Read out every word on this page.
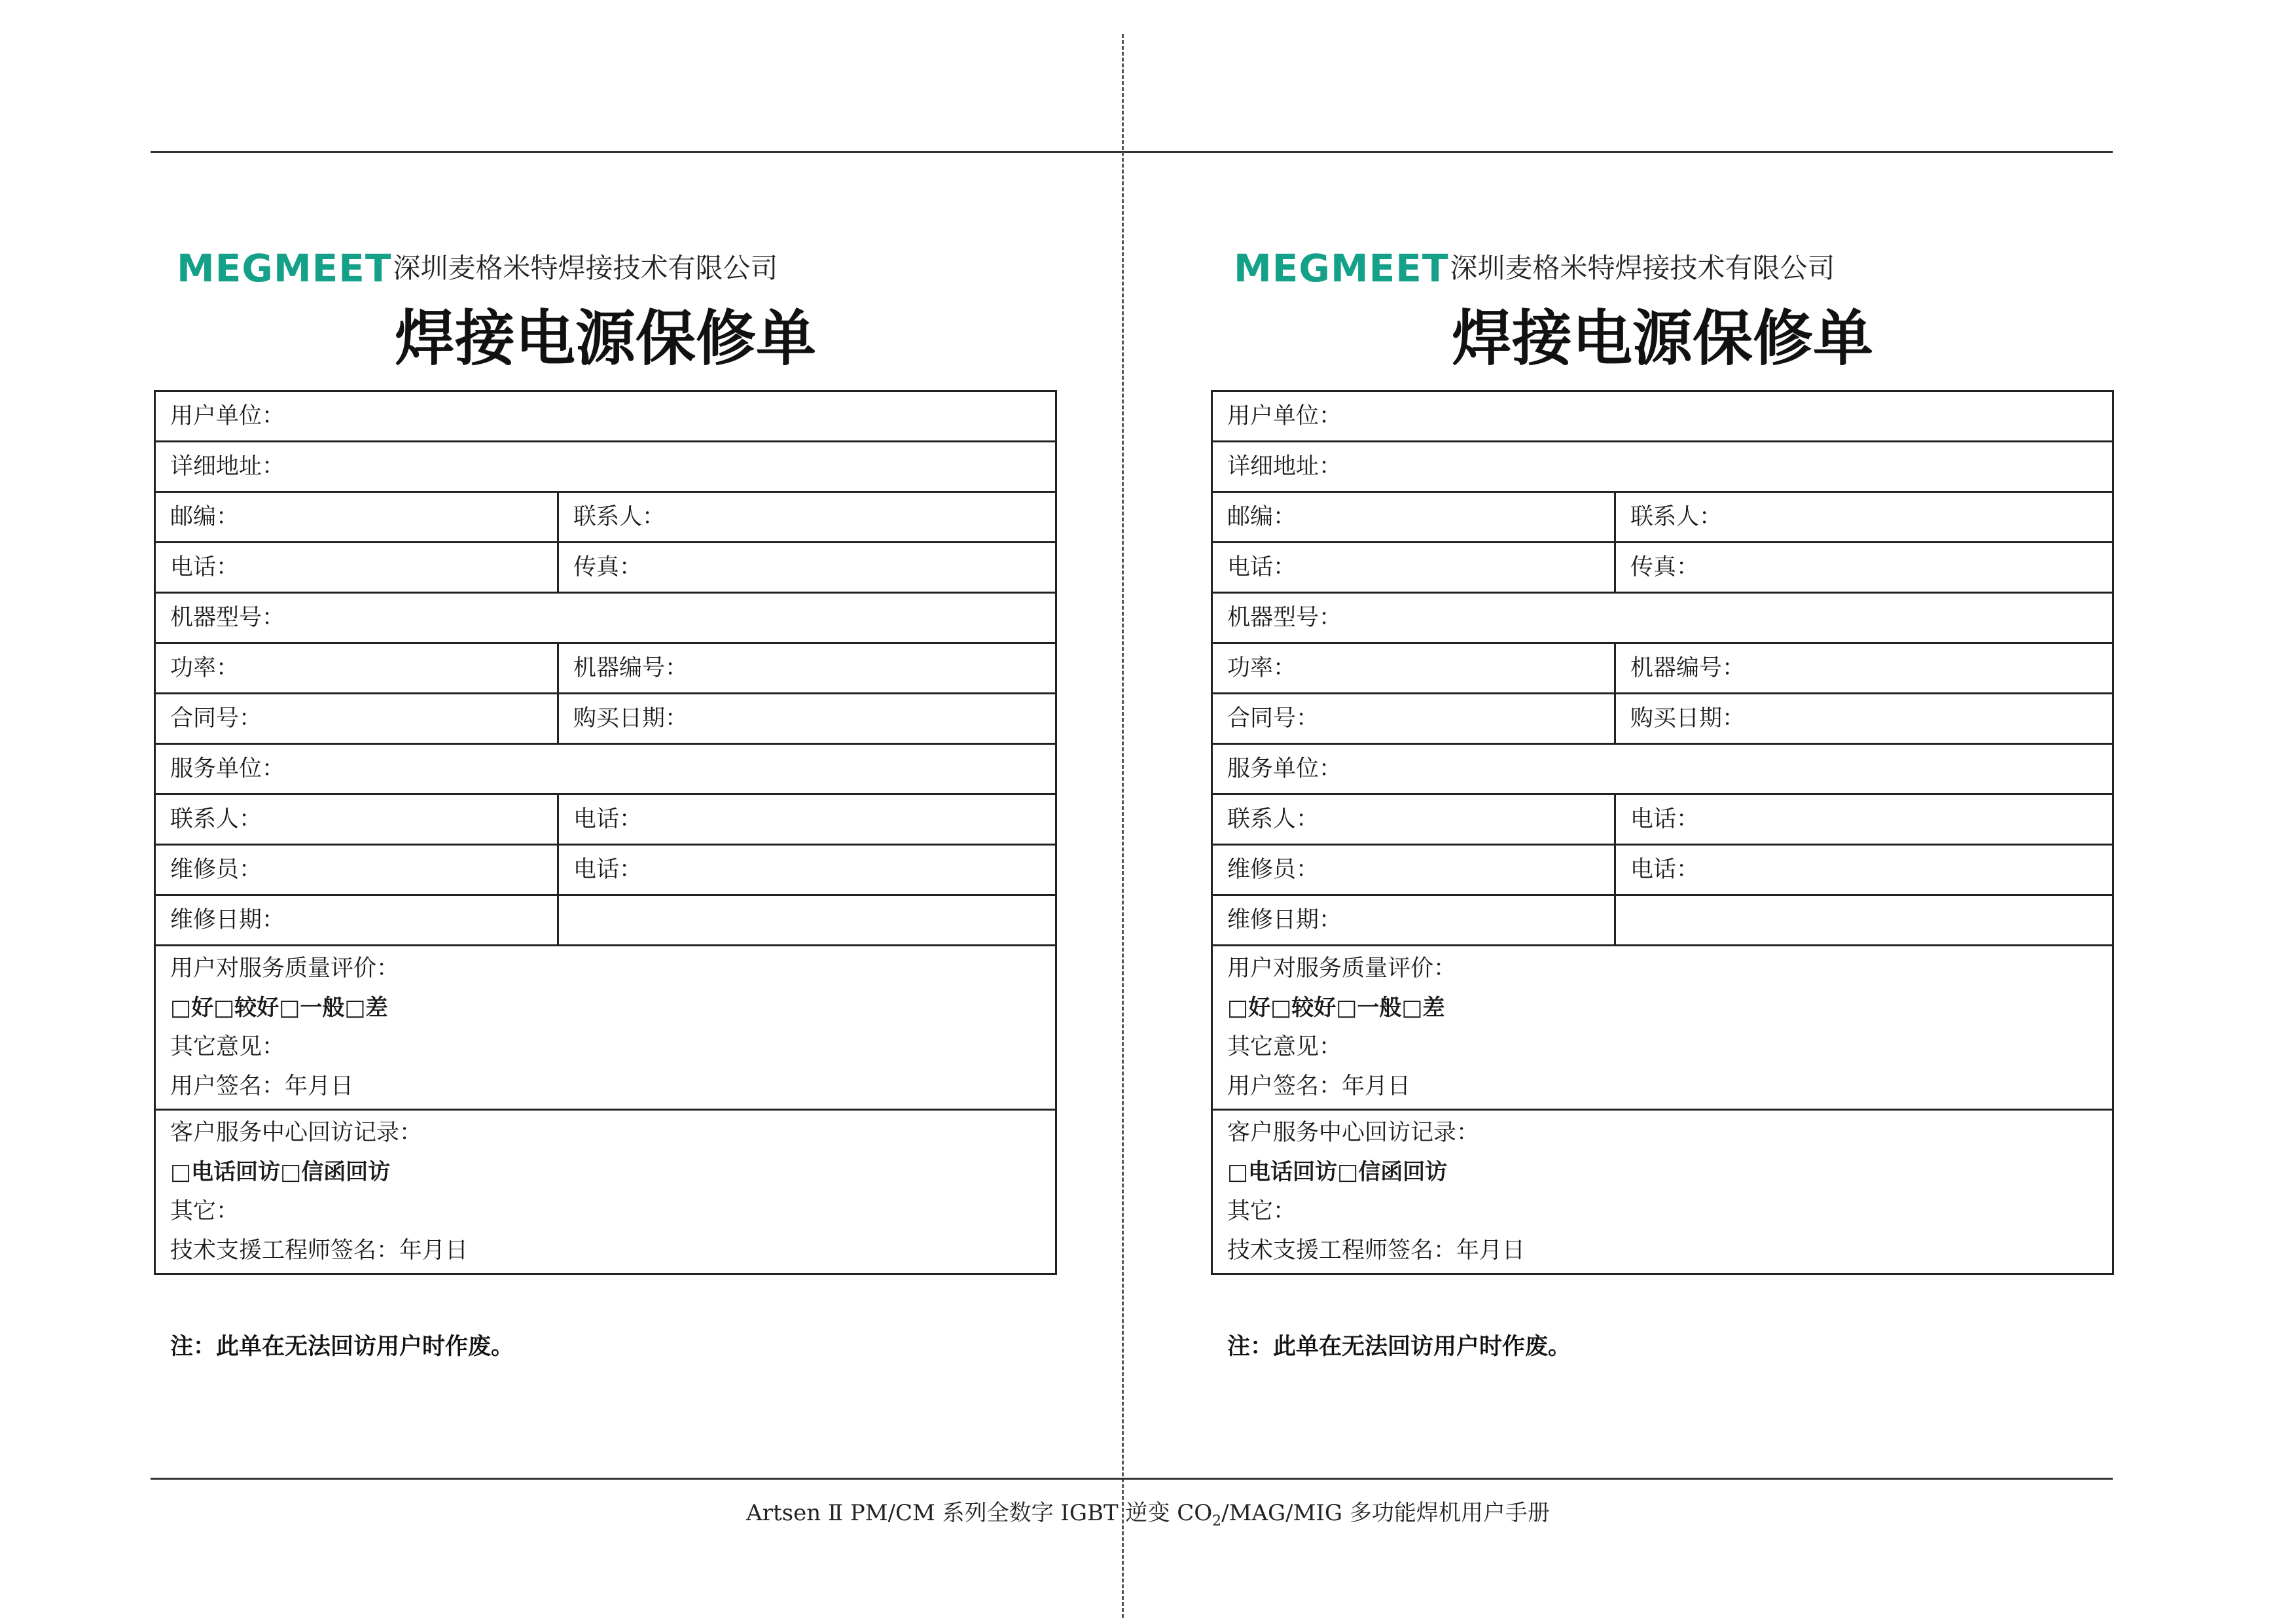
MEGMEET深圳麦格米特焊接技术有限公司
焊接电源保修单
用户单位：	
详细地址：	
邮编：	联系人：
电话：	传真：
机器型号：	
功率：	机器编号：
合同号：	购买日期：
服务单位：	
联系人：	电话：
维修员：	电话：
维修日期：	

用户对服务质量评价：
□好□较好□一般□差
其它意见：
用户签名：年月日	

客户服务中心回访记录：
□电话回访□信函回访
其它：
技术支援工程师签名：年月日	
注：此单在无法回访用户时作废。
MEGMEET深圳麦格米特焊接技术有限公司
焊接电源保修单
用户单位：	
详细地址：	
邮编：	联系人：
电话：	传真：
机器型号：	
功率：	机器编号：
合同号：	购买日期：
服务单位：	
联系人：	电话：
维修员：	电话：
维修日期：	

用户对服务质量评价：
□好□较好□一般□差
其它意见：
用户签名：年月日	

客户服务中心回访记录：
□电话回访□信函回访
其它：
技术支援工程师签名：年月日	
注：此单在无法回访用户时作废。
Artsen Ⅱ PM/CM 系列全数字 IGBT 逆变 $CO_2/MAG$/MIG 多功能焊机用户手册
